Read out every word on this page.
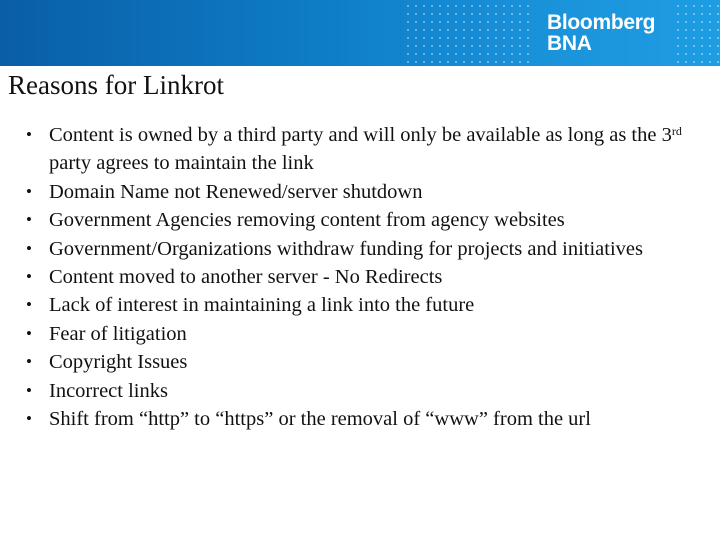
Bloomberg
BNA
Reasons for Linkrot
• Content is owned by a third party and will only be available as long as the 3rd party agrees to maintain the link
• Domain Name not Renewed/server shutdown
• Government Agencies removing content from agency websites
• Government/Organizations withdraw funding for projects and initiatives
• Content moved to another server - No Redirects
• Lack of interest in maintaining a link into the future
• Fear of litigation
• Copyright Issues
• Incorrect links
• Shift from “http” to “https” or the removal of “www” from the url
